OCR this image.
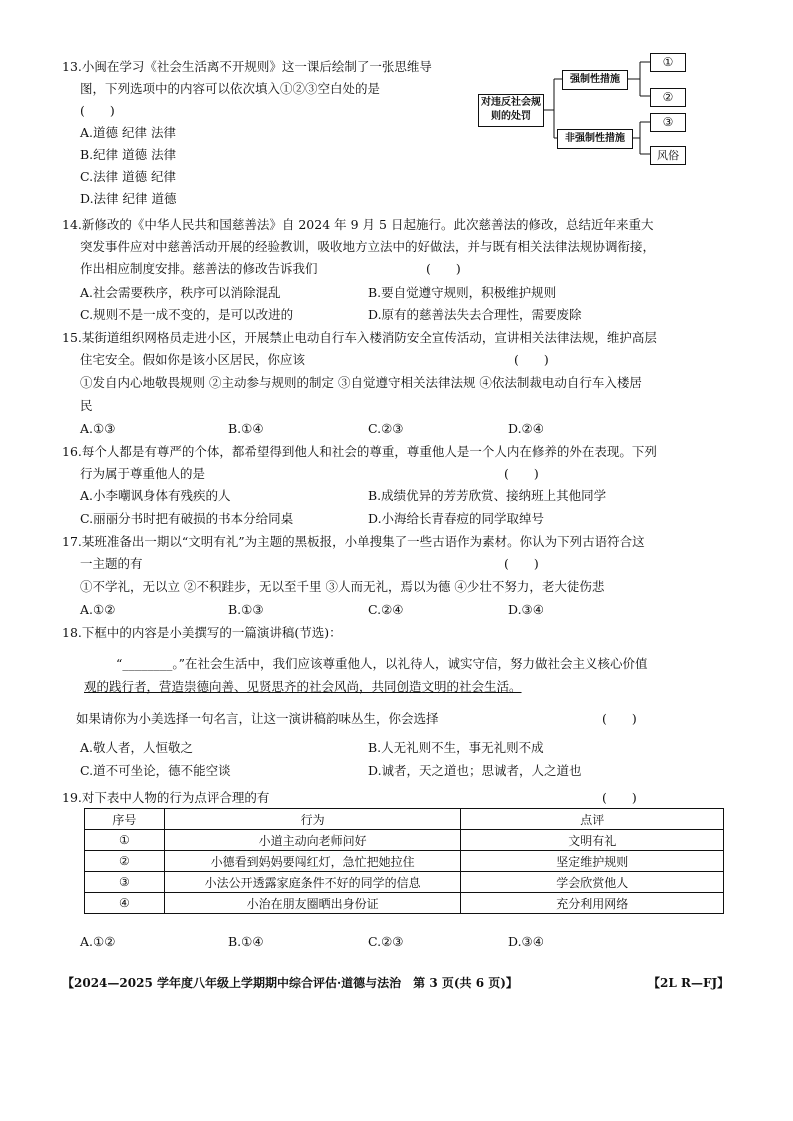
13.小闽在学习《社会生活离不开规则》这一课后绘制了一张思维导
图，下列选项中的内容可以依次填入①②③空白处的是
(　　)
A.道德 纪律 法律
B.纪律 道德 法律
C.法律 道德 纪律
D.法律 纪律 道德
对违反社会规则的处罚
强制性措施
非强制性措施
①
②
③
风俗
14.新修改的《中华人民共和国慈善法》自 2024 年 9 月 5 日起施行。此次慈善法的修改，总结近年来重大
突发事件应对中慈善活动开展的经验教训，吸收地方立法中的好做法，并与既有相关法律法规协调衔接，
作出相应制度安排。慈善法的修改告诉我们	(　　)
A.社会需要秩序，秩序可以消除混乱	B.要自觉遵守规则，积极维护规则
C.规则不是一成不变的，是可以改进的	D.原有的慈善法失去合理性，需要废除
15.某街道组织网格员走进小区，开展禁止电动自行车入楼消防安全宣传活动，宣讲相关法律法规，维护高层
住宅安全。假如你是该小区居民，你应该	(　　)
①发自内心地敬畏规则 ②主动参与规则的制定 ③自觉遵守相关法律法规 ④依法制裁电动自行车入楼居
民
A.①③	B.①④	C.②③	D.②④
16.每个人都是有尊严的个体，都希望得到他人和社会的尊重，尊重他人是一个人内在修养的外在表现。下列
行为属于尊重他人的是	(　　)
A.小李嘲讽身体有残疾的人	B.成绩优异的芳芳欣赏、接纳班上其他同学
C.丽丽分书时把有破损的书本分给同桌	D.小海给长青春痘的同学取绰号
17.某班准备出一期以“文明有礼”为主题的黑板报，小单搜集了一些古语作为素材。你认为下列古语符合这
一主题的有	(　　)
①不学礼，无以立 ②不积跬步，无以至千里 ③人而无礼，焉以为德 ④少壮不努力，老大徒伤悲
A.①②	B.①③	C.②④	D.③④
18.下框中的内容是小美撰写的一篇演讲稿(节选)：
“________。”在社会生活中，我们应该尊重他人，以礼待人，诚实守信，努力做社会主义核心价值
观的践行者，营造崇德向善、见贤思齐的社会风尚，共同创造文明的社会生活。
如果请你为小美选择一句名言，让这一演讲稿韵味丛生，你会选择	(　　)
A.敬人者，人恒敬之	B.人无礼则不生，事无礼则不成
C.道不可坐论，德不能空谈	D.诚者，天之道也；思诚者，人之道也
19.对下表中人物的行为点评合理的有	(　　)
序号	行为	点评
①	小道主动向老师问好	文明有礼
②	小德看到妈妈要闯红灯，急忙把她拉住	坚定维护规则
③	小法公开透露家庭条件不好的同学的信息	学会欣赏他人
④	小治在朋友圈晒出身份证	充分利用网络
A.①②	B.①④	C.②③	D.③④
【2024—2025 学年度八年级上学期期中综合评估·道德与法治　第 3 页(共 6 页)】	【2L R—FJ】
